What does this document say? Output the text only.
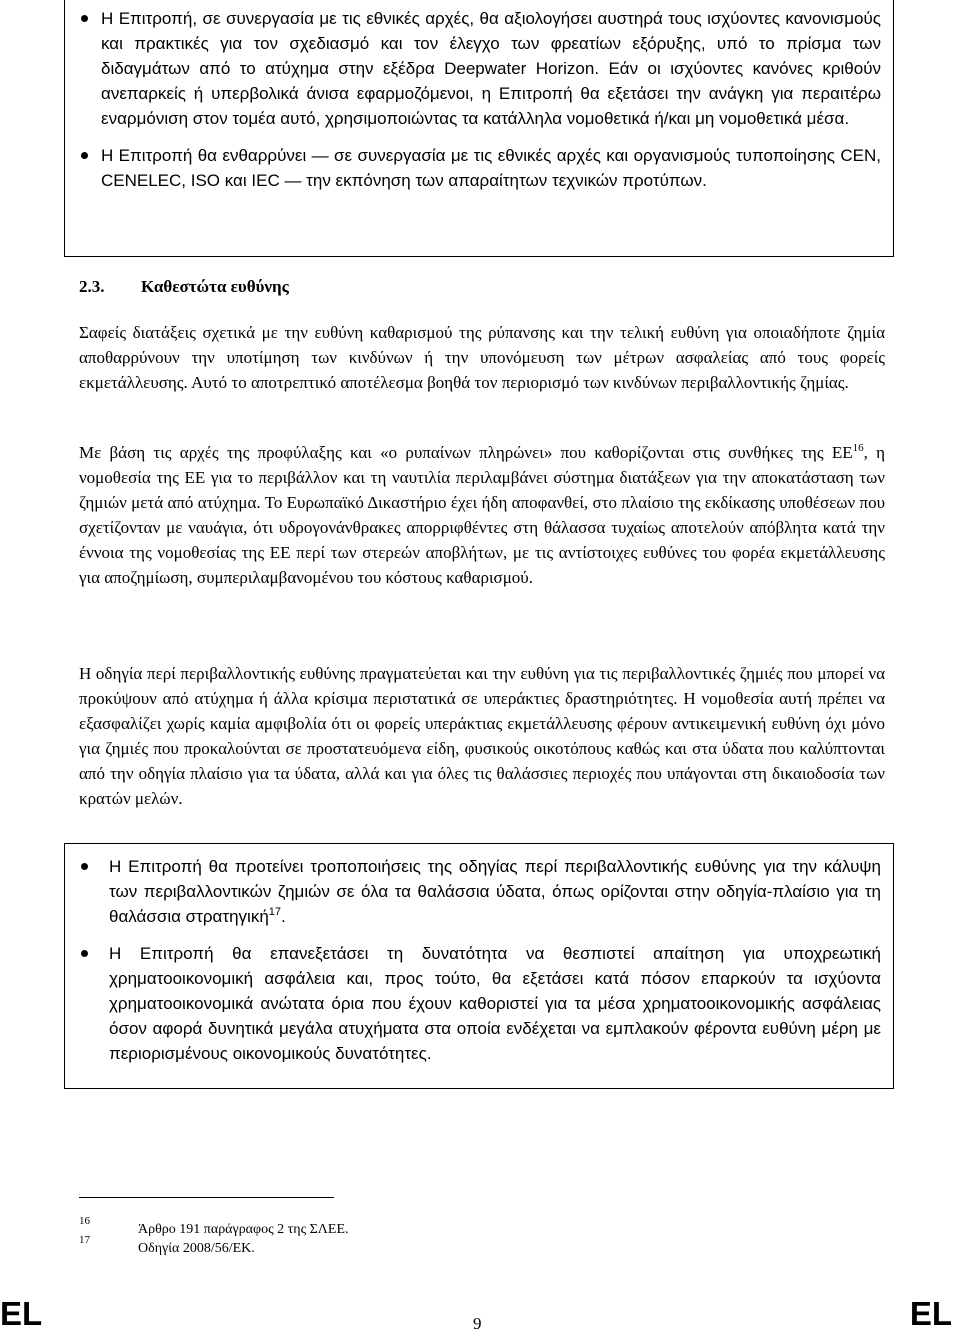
Η Επιτροπή, σε συνεργασία με τις εθνικές αρχές, θα αξιολογήσει αυστηρά τους ισχύοντες κανονισμούς και πρακτικές για τον σχεδιασμό και τον έλεγχο των φρεατίων εξόρυξης, υπό το πρίσμα των διδαγμάτων από το ατύχημα στην εξέδρα Deepwater Horizon. Εάν οι ισχύοντες κανόνες κριθούν ανεπαρκείς ή υπερβολικά άνισα εφαρμοζόμενοι, η Επιτροπή θα εξετάσει την ανάγκη για περαιτέρω εναρμόνιση στον τομέα αυτό, χρησιμοποιώντας τα κατάλληλα νομοθετικά ή/και μη νομοθετικά μέσα.
Η Επιτροπή θα ενθαρρύνει — σε συνεργασία με τις εθνικές αρχές και οργανισμούς τυποποίησης CEN, CENELEC, ISO και IEC — την εκπόνηση των απαραίτητων τεχνικών προτύπων.
2.3. Καθεστώτα ευθύνης

Σαφείς διατάξεις σχετικά με την ευθύνη καθαρισμού της ρύπανσης και την τελική ευθύνη για οποιαδήποτε ζημία αποθαρρύνουν την υποτίμηση των κινδύνων ή την υπονόμευση των μέτρων ασφαλείας από τους φορείς εκμετάλλευσης. Αυτό το αποτρεπτικό αποτέλεσμα βοηθά τον περιορισμό των κινδύνων περιβαλλοντικής ζημίας.

Με βάση τις αρχές της προφύλαξης και «ο ρυπαίνων πληρώνει» που καθορίζονται στις συνθήκες της ΕΕ$^{16}$, η νομοθεσία της ΕΕ για το περιβάλλον και τη ναυτιλία περιλαμβάνει σύστημα διατάξεων για την αποκατάσταση των ζημιών μετά από ατύχημα. Το Ευρωπαϊκό Δικαστήριο έχει ήδη αποφανθεί, στο πλαίσιο της εκδίκασης υποθέσεων που σχετίζονταν με ναυάγια, ότι υδρογονάνθρακες απορριφθέντες στη θάλασσα τυχαίως αποτελούν απόβλητα κατά την έννοια της νομοθεσίας της ΕΕ περί των στερεών αποβλήτων, με τις αντίστοιχες ευθύνες του φορέα εκμετάλλευσης για αποζημίωση, συμπεριλαμβανομένου του κόστους καθαρισμού.

Η οδηγία περί περιβαλλοντικής ευθύνης πραγματεύεται και την ευθύνη για τις περιβαλλοντικές ζημιές που μπορεί να προκύψουν από ατύχημα ή άλλα κρίσιμα περιστατικά σε υπεράκτιες δραστηριότητες. Η νομοθεσία αυτή πρέπει να εξασφαλίζει χωρίς καμία αμφιβολία ότι οι φορείς υπεράκτιας εκμετάλλευσης φέρουν αντικειμενική ευθύνη όχι μόνο για ζημιές που προκαλούνται σε προστατευόμενα είδη, φυσικούς οικοτόπους καθώς και στα ύδατα που καλύπτονται από την οδηγία πλαίσιο για τα ύδατα, αλλά και για όλες τις θαλάσσιες περιοχές που υπάγονται στη δικαιοδοσία των κρατών μελών.

Η Επιτροπή θα προτείνει τροποποιήσεις της οδηγίας περί περιβαλλοντικής ευθύνης για την κάλυψη των περιβαλλοντικών ζημιών σε όλα τα θαλάσσια ύδατα, όπως ορίζονται στην οδηγία-πλαίσιο για τη θαλάσσια στρατηγική$^{17}$.
Η Επιτροπή θα επανεξετάσει τη δυνατότητα να θεσπιστεί απαίτηση για υποχρεωτική χρηματοοικονομική ασφάλεια και, προς τούτο, θα εξετάσει κατά πόσον επαρκούν τα ισχύοντα χρηματοοικονομικά ανώτατα όρια που έχουν καθοριστεί για τα μέσα χρηματοοικονομικής ασφάλειας όσον αφορά δυνητικά μεγάλα ατυχήματα στα οποία ενδέχεται να εμπλακούν φέροντα ευθύνη μέρη με περιορισμένους οικονομικούς δυνατότητες.
16
Άρθρο 191 παράγραφος 2 της ΣΛΕΕ.
17
Οδηγία 2008/56/ΕΚ.
EL	9	EL
